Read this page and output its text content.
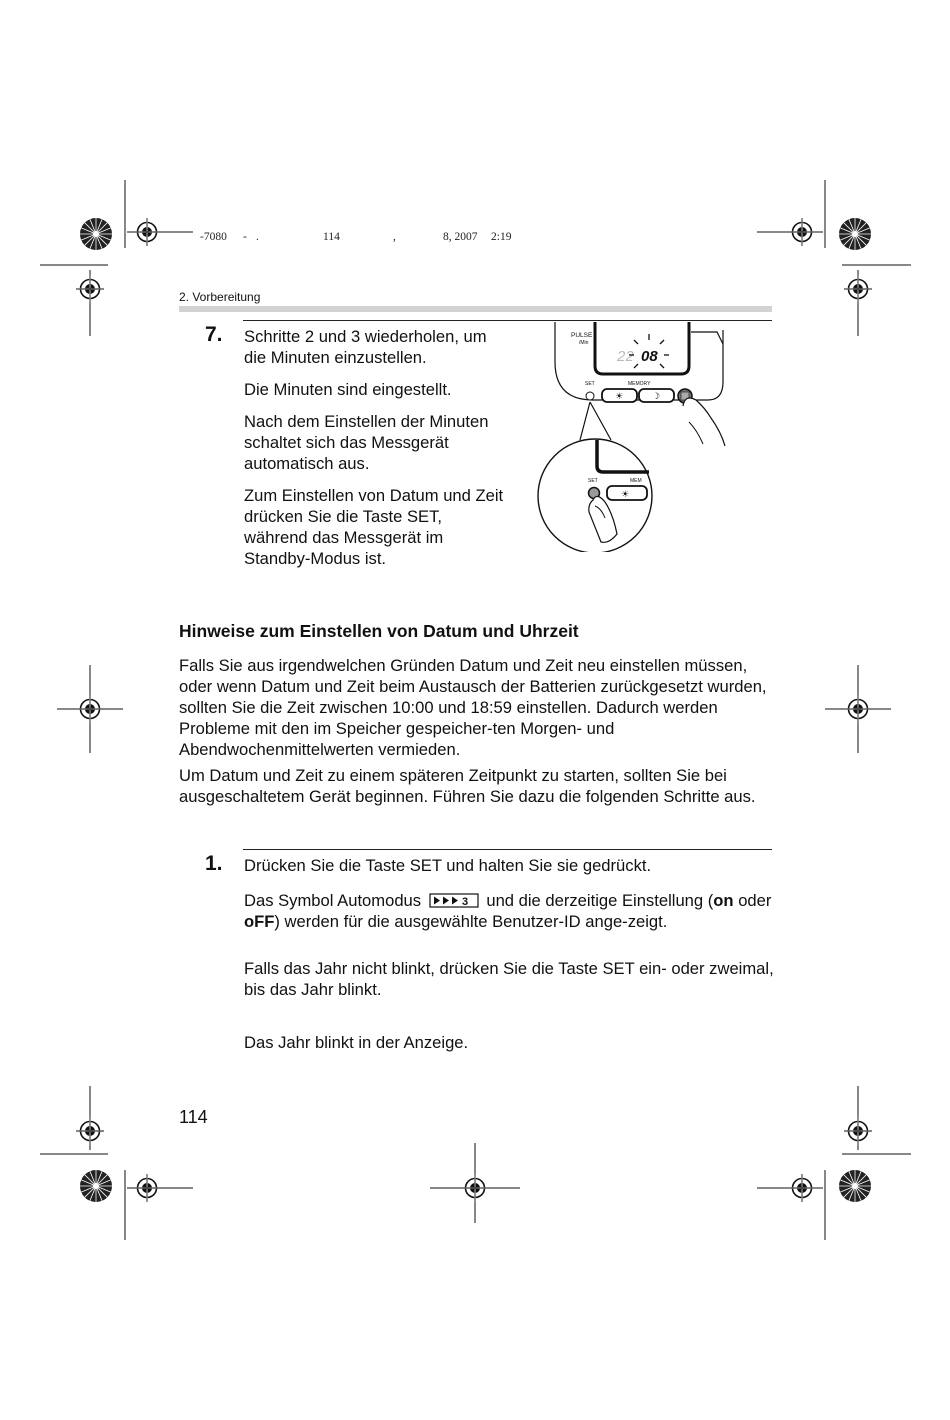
-7080 - .	114	,	8, 2007 2:19
2. Vorbereitung
7. Schritte 2 und 3 wiederholen, um die Minuten einzustellen.

Die Minuten sind eingestellt.

Nach dem Einstellen der Minuten schaltet sich das Messgerät automatisch aus.

Zum Einstellen von Datum und Zeit drücken Sie die Taste SET, während das Messgerät im Standby-Modus ist.

PULSE
/Min
22 08
SET	MEMORY
☀	☽
SET	MEM
☀
Hinweise zum Einstellen von Datum und Uhrzeit

Falls Sie aus irgendwelchen Gründen Datum und Zeit neu einstellen müssen, oder wenn Datum und Zeit beim Austausch der Batterien zurückgesetzt wurden, sollten Sie die Zeit zwischen 10:00 und 18:59 einstellen. Dadurch werden Probleme mit den im Speicher gespeicher-ten Morgen- und Abendwochenmittelwerten vermieden.

Um Datum und Zeit zu einem späteren Zeitpunkt zu starten, sollten Sie bei ausgeschaltetem Gerät beginnen. Führen Sie dazu die folgenden Schritte aus.

1. Drücken Sie die Taste SET und halten Sie sie gedrückt.
Das Symbol Automodus	3 und die derzeitige Einstellung (on oder oFF) werden für die ausgewählte Benutzer-ID ange-zeigt.
Falls das Jahr nicht blinkt, drücken Sie die Taste SET ein- oder zweimal, bis das Jahr blinkt.
Das Jahr blinkt in der Anzeige.
114
